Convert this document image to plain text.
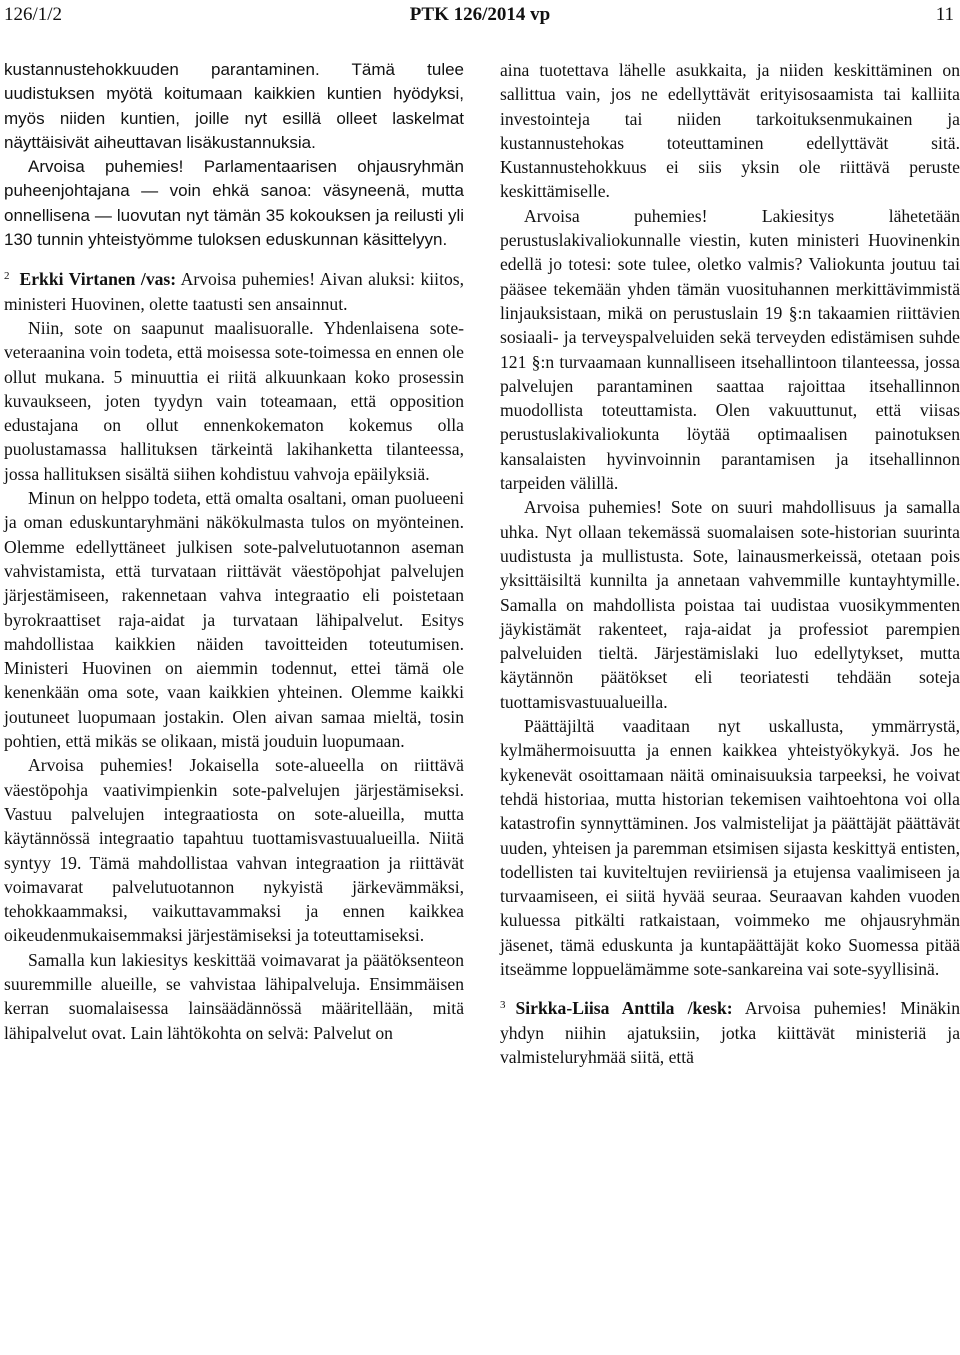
126/1/2	PTK 126/2014 vp	11

kustannustehokkuuden parantaminen. Tämä tulee uudistuksen myötä koitumaan kaikkien kuntien hyödyksi, myös niiden kuntien, joille nyt esillä olleet laskelmat näyttäisivät aiheuttavan lisäkustannuksia.

Arvoisa puhemies! Parlamentaarisen ohjausryhmän puheenjohtajana — voin ehkä sanoa: väsyneenä, mutta onnellisena — luovutan nyt tämän 35 kokouksen ja reilusti yli 130 tunnin yhteistyömme tuloksen eduskunnan käsittelyyn.

$^2$ Erkki Virtanen /vas: Arvoisa puhemies! Aivan aluksi: kiitos, ministeri Huovinen, olette taatusti sen ansainnut.

Niin, sote on saapunut maalisuoralle. Yhdenlaisena sote-veteraanina voin todeta, että moisessa sote-toimessa en ennen ole ollut mukana. 5 minuuttia ei riitä alkuunkaan koko prosessin kuvaukseen, joten tyydyn vain toteamaan, että opposition edustajana on ollut ennenkokematon kokemus olla puolustamassa hallituksen tärkeintä lakihanketta tilanteessa, jossa hallituksen sisältä siihen kohdistuu vahvoja epäilyksiä.

Minun on helppo todeta, että omalta osaltani, oman puolueeni ja oman eduskuntaryhmäni näkökulmasta tulos on myönteinen. Olemme edellyttäneet julkisen sote-palvelutuotannon aseman vahvistamista, että turvataan riittävät väestöpohjat palvelujen järjestämiseen, rakennetaan vahva integraatio eli poistetaan byrokraattiset raja-aidat ja turvataan lähipalvelut. Esitys mahdollistaa kaikkien näiden tavoitteiden toteutumisen. Ministeri Huovinen on aiemmin todennut, ettei tämä ole kenenkään oma sote, vaan kaikkien yhteinen. Olemme kaikki joutuneet luopumaan jostakin. Olen aivan samaa mieltä, tosin pohtien, että mikäs se olikaan, mistä jouduin luopumaan.

Arvoisa puhemies! Jokaisella sote-alueella on riittävä väestöpohja vaativimpienkin sote-palvelujen järjestämiseksi. Vastuu palvelujen integraatiosta on sote-alueilla, mutta käytännössä integraatio tapahtuu tuottamisvastuualueilla. Niitä syntyy 19. Tämä mahdollistaa vahvan integraation ja riittävät voimavarat palvelutuotannon nykyistä järkevämmäksi, tehokkaammaksi, vaikuttavammaksi ja ennen kaikkea oikeudenmukaisemmaksi järjestämiseksi ja toteuttamiseksi.

Samalla kun lakiesitys keskittää voimavarat ja päätöksenteon suuremmille alueille, se vahvistaa lähipalveluja. Ensimmäisen kerran suomalaisessa lainsäädännössä määritellään, mitä lähipalvelut ovat. Lain lähtökohta on selvä: Palvelut on

aina tuotettava lähelle asukkaita, ja niiden keskittäminen on sallittua vain, jos ne edellyttävät erityisosaamista tai kalliita investointeja tai niiden tarkoituksenmukainen ja kustannustehokas toteuttaminen edellyttävät sitä. Kustannustehokkuus ei siis yksin ole riittävä peruste keskittämiselle.

Arvoisa puhemies! Lakiesitys lähetetään perustuslakivaliokunnalle viestin, kuten ministeri Huovinenkin edellä jo totesi: sote tulee, oletko valmis? Valiokunta joutuu tai pääsee tekemään yhden tämän vuosituhannen merkittävimmistä linjauksistaan, mikä on perustuslain 19 §:n takaamien riittävien sosiaali- ja terveyspalveluiden sekä terveyden edistämisen suhde 121 §:n turvaamaan kunnalliseen itsehallintoon tilanteessa, jossa palvelujen parantaminen saattaa rajoittaa itsehallinnon muodollista toteuttamista. Olen vakuuttunut, että viisas perustuslakivaliokunta löytää optimaalisen painotuksen kansalaisten hyvinvoinnin parantamisen ja itsehallinnon tarpeiden välillä.

Arvoisa puhemies! Sote on suuri mahdollisuus ja samalla uhka. Nyt ollaan tekemässä suomalaisen sote-historian suurinta uudistusta ja mullistusta. Sote, lainausmerkeissä, otetaan pois yksittäisiltä kunnilta ja annetaan vahvemmille kuntayhtymille. Samalla on mahdollista poistaa tai uudistaa vuosikymmenten jäykistämät rakenteet, raja-aidat ja professiot parempien palveluiden tieltä. Järjestämislaki luo edellytykset, mutta käytännön päätökset eli teoriatesti tehdään soteja tuottamisvastuualueilla.

Päättäjiltä vaaditaan nyt uskallusta, ymmärrystä, kylmähermoisuutta ja ennen kaikkea yhteistyökykyä. Jos he kykenevät osoittamaan näitä ominaisuuksia tarpeeksi, he voivat tehdä historiaa, mutta historian tekemisen vaihtoehtona voi olla katastrofin synnyttäminen. Jos valmistelijat ja päättäjät päättävät uuden, yhteisen ja paremman etsimisen sijasta keskittyä entisten, todellisten tai kuviteltujen reviiriensä ja etujensa vaalimiseen ja turvaamiseen, ei siitä hyvää seuraa. Seuraavan kahden vuoden kuluessa pitkälti ratkaistaan, voimmeko me ohjausryhmän jäsenet, tämä eduskunta ja kuntapäättäjät koko Suomessa pitää itseämme loppuelämämme sote-sankareina vai sote-syyllisinä.

$^3$ Sirkka-Liisa Anttila /kesk: Arvoisa puhemies! Minäkin yhdyn niihin ajatuksiin, jotka kiittävät ministeriä ja valmisteluryhmää siitä, että
